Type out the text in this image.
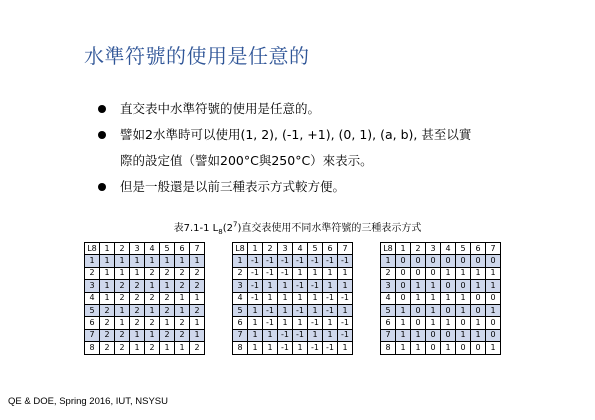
水準符號的使用是任意的
直交表中水準符號的使用是任意的。
譬如2水準時可以使用(1, 2), (-1, +1), (0, 1), (a, b), 甚至以實
際的設定值（譬如200°C與250°C）來表示。
但是一般還是以前三種表示方式較方便。
表7.1-1 $L_8(2^7)$直交表使用不同水準符號的三種表示方式
L8	1	2	3	4	5	6	7
1	1	1	1	1	1	1	1
2	1	1	1	2	2	2	2
3	1	2	2	1	1	2	2
4	1	2	2	2	2	1	1
5	2	1	2	1	2	1	2
6	2	1	2	2	1	2	1
7	2	2	1	1	2	2	1
8	2	2	1	2	1	1	2
L8	1	2	3	4	5	6	7
1	-1	-1	-1	-1	-1	-1	-1
2	-1	-1	-1	1	1	1	1
3	-1	1	1	-1	-1	1	1
4	-1	1	1	1	1	-1	-1
5	1	-1	1	-1	1	-1	1
6	1	-1	1	1	-1	1	-1
7	1	1	-1	-1	1	1	-1
8	1	1	-1	1	-1	-1	1
L8	1	2	3	4	5	6	7
1	0	0	0	0	0	0	0
2	0	0	0	1	1	1	1
3	0	1	1	0	0	1	1
4	0	1	1	1	1	0	0
5	1	0	1	0	1	0	1
6	1	0	1	1	0	1	0
7	1	1	0	0	1	1	0
8	1	1	0	1	0	0	1
QE & DOE, Spring 2016, IUT, NSYSU
